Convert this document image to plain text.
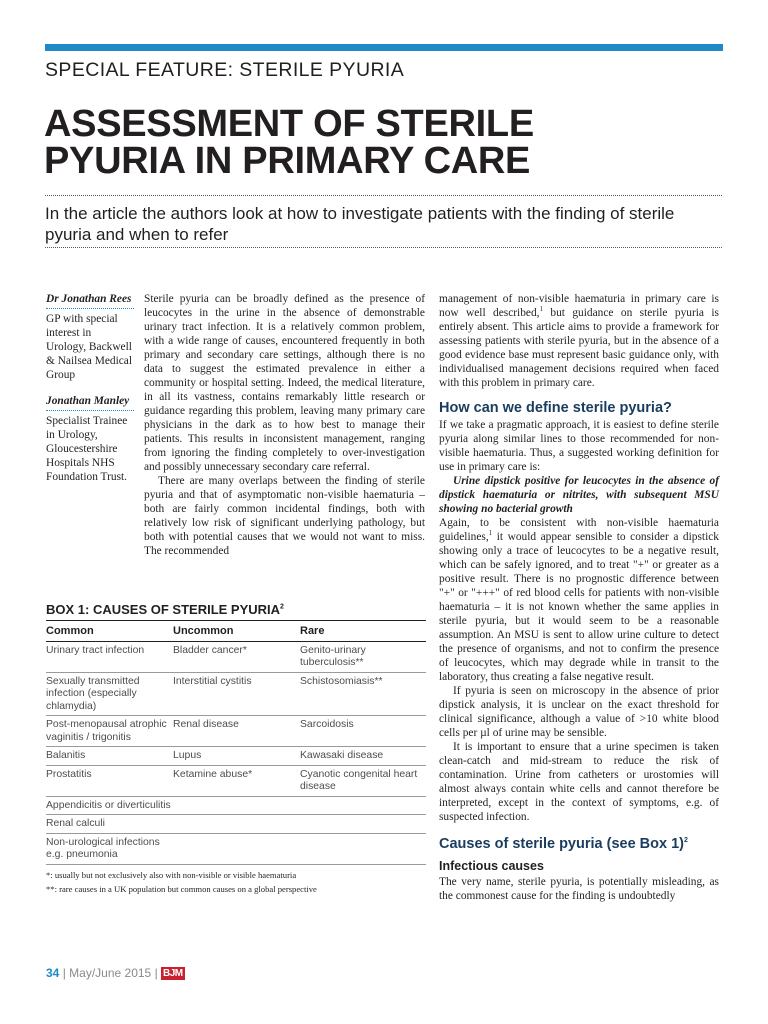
SPECIAL FEATURE: STERILE PYURIA
ASSESSMENT OF STERILE
PYURIA IN PRIMARY CARE
In the article the authors look at how to investigate patients with the finding of sterile pyuria and when to refer
Dr Jonathan Rees
GP with special interest in Urology, Backwell & Nailsea Medical Group
Jonathan Manley
Specialist Trainee in Urology, Gloucestershire Hospitals NHS Foundation Trust.

Sterile pyuria can be broadly defined as the presence of leucocytes in the urine in the absence of demonstrable urinary tract infection. It is a relatively common problem, with a wide range of causes, encountered frequently in both primary and secondary care settings, although there is no data to suggest the estimated prevalence in either a community or hospital setting. Indeed, the medical literature, in all its vastness, contains remarkably little research or guidance regarding this problem, leaving many primary care physicians in the dark as to how best to manage their patients. This results in inconsistent management, ranging from ignoring the finding completely to over-investigation and possibly unnecessary secondary care referral.

There are many overlaps between the finding of sterile pyuria and that of asymptomatic non-visible haematuria – both are fairly common incidental findings, both with relatively low risk of significant underlying pathology, but both with potential causes that we would not want to miss. The recommended

management of non-visible haematuria in primary care is now well described,$^1$ but guidance on sterile pyuria is entirely absent. This article aims to provide a framework for assessing patients with sterile pyuria, but in the absence of a good evidence base must represent basic guidance only, with individualised management decisions required when faced with this problem in primary care.

How can we define sterile pyuria?

If we take a pragmatic approach, it is easiest to define sterile pyuria along similar lines to those recommended for non-visible haematuria. Thus, a suggested working definition for use in primary care is:

Urine dipstick positive for leucocytes in the absence of dipstick haematuria or nitrites, with subsequent MSU showing no bacterial growth

Again, to be consistent with non-visible haematuria guidelines,$^1$ it would appear sensible to consider a dipstick showing only a trace of leucocytes to be a negative result, which can be safely ignored, and to treat "+" or greater as a positive result. There is no prognostic difference between "+" or "+++" of red blood cells for patients with non-visible haematuria – it is not known whether the same applies in sterile pyuria, but it would seem to be a reasonable assumption. An MSU is sent to allow urine culture to detect the presence of organisms, and not to confirm the presence of leucocytes, which may degrade while in transit to the laboratory, thus creating a false negative result.

If pyuria is seen on microscopy in the absence of prior dipstick analysis, it is unclear on the exact threshold for clinical significance, although a value of >10 white blood cells per µl of urine may be sensible.

It is important to ensure that a urine specimen is taken clean-catch and mid-stream to reduce the risk of contamination. Urine from catheters or urostomies will almost always contain white cells and cannot therefore be interpreted, except in the context of symptoms, e.g. of suspected infection.

Causes of sterile pyuria (see Box 1)$^2$
Infectious causes

The very name, sterile pyuria, is potentially misleading, as the commonest cause for the finding is undoubtedly

BOX 1: CAUSES OF STERILE PYURIA$^2$
Common	Uncommon	Rare
Urinary tract infection	Bladder cancer*	Genito-urinary tuberculosis**
Sexually transmitted infection (especially chlamydia)	Interstitial cystitis	Schistosomiasis**
Post-menopausal atrophic vaginitis / trigonitis	Renal disease	Sarcoidosis
Balanitis	Lupus	Kawasaki disease
Prostatitis	Ketamine abuse*	Cyanotic congenital heart disease
Appendicitis or diverticulitis		
Renal calculi		
Non-urological infections e.g. pneumonia		
*: usually but not exclusively also with non-visible or visible haematuria
**: rare causes in a UK population but common causes on a global perspective
34 | May/June 2015 | BJM
